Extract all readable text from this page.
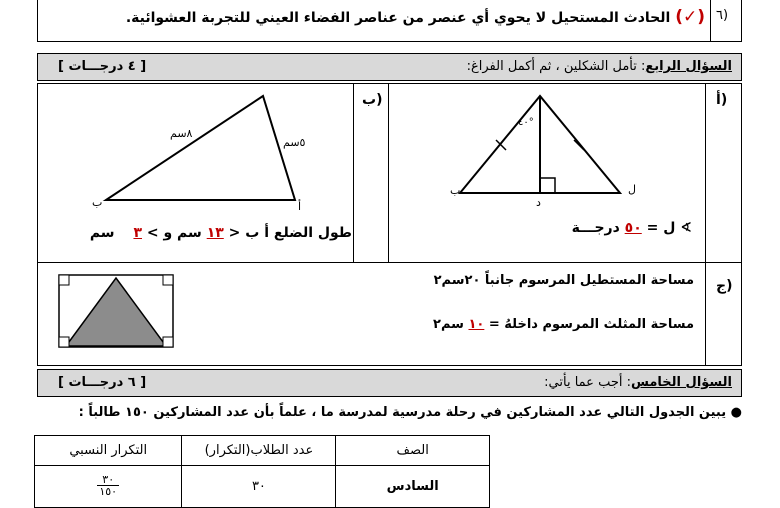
٦)
(✓) الحادث المستحيل لا يحوي أي عنصر من عناصر الفضاء العيني للتجربة العشوائية.
السؤال الرابع: تأمل الشكلين ، ثم أكمل الفراغ:
[ ٤ درجـــات ]
أ)
٤٠°
ب
د
ل
∢ ل = ٥٠ درجـــة
ب)
٨سم
٥سم
ب	أ
طول الضلع أ ب < ١٣ سم و > ٣ سم
ج)
مساحة المستطيل المرسوم جانباً ٢٠سم٢
مساحة المثلث المرسوم داخلهُ = ١٠ سم٢
السؤال الخامس: أجب عما يأتي:
[ ٦ درجـــات ]
● يبين الجدول التالي عدد المشاركين في رحلة مدرسية لمدرسة ما ، علماً بأن عدد المشاركين ١٥٠ طالباً :
التكرار النسبي	عدد الطلاب(التكرار)	الصف

$\frac{٣٠}{١٥٠}$	٣٠	السادس
